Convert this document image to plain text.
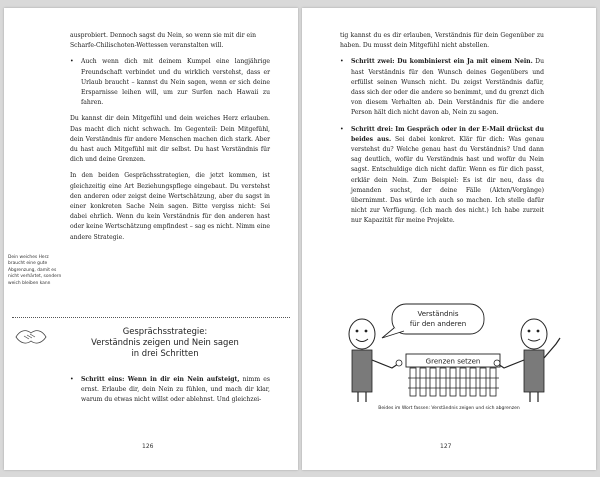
ausprobiert. Dennoch sagst du Nein, so wenn sie mit dir ein
Scharfe-Chilischoten-Wettessen veranstalten will.

• Auch wenn dich mit deinem Kumpel eine langjährige Freundschaft verbindet und du wirklich verstehst, dass er Urlaub braucht – kannst du Nein sagen, wenn er sich deine Ersparnisse leihen will, um zur Surfen nach Hawaii zu fahren.

Du kannst dir dein Mitgefühl und dein weiches Herz erlauben. Das macht dich nicht schwach. Im Gegenteil: Dein Mitgefühl, dein Verständnis für andere Menschen machen dich stark. Aber du hast auch Mitgefühl mit dir selbst. Du hast Verständnis für dich und deine Grenzen.

In den beiden Gesprächsstrategien, die jetzt kommen, ist gleichzeitig eine Art Beziehungspflege eingebaut. Du verstehst den anderen oder zeigst deine Wertschätzung, aber du sagst in einer konkreten Sache Nein sagen. Bitte vergiss nicht: Sei dabei ehrlich. Wenn du kein Verständnis für den anderen hast oder keine Wertschätzung empfindest – sag es nicht. Nimm eine andere Strategie.

Dein weiches Herz braucht eine gute Abgrenzung, damit es nicht verhärtet, sondern weich bleiben kann
Gesprächsstrategie:
Verständnis zeigen und Nein sagen
in drei Schritten
• Schritt eins: Wenn in dir ein Nein aufsteigt, nimm es ernst. Erlaube dir, dein Nein zu fühlen, und mach dir klar, warum du etwas nicht willst oder ablehnst. Und gleichzei-
126

tig kannst du es dir erlauben, Verständnis für dein Gegenüber zu haben. Du musst dein Mitgefühl nicht abstellen.

• Schritt zwei: Du kombinierst ein Ja mit einem Nein. Du hast Verständnis für den Wunsch deines Gegenübers und erfüllst seinen Wunsch nicht. Du zeigst Verständnis dafür, dass sich der oder die andere so benimmt, und du grenzt dich von diesem Verhalten ab. Dein Verständnis für die andere Person hält dich nicht davon ab, Nein zu sagen.
• Schritt drei: Im Gespräch oder in der E-Mail drückst du beides aus. Sei dabei konkret. Klär für dich: Was genau verstehst du? Welche genau hast du Verständnis? Und dann sag deutlich, wofür du Verständnis hast und wofür du Nein sagst. Entschuldige dich nicht dafür. Wenn es für dich passt, erklär dein Nein. Zum Beispiel: Es ist dir neu, dass du jemanden suchst, der deine Fälle (Akten/Vorgänge) übernimmt. Das würde ich auch so machen. Ich stelle dafür nicht zur Verfügung. (Ich mach des nicht.) Ich habe zurzeit nur Kapazität für meine Projekte.
Verständnis
für den anderen
Grenzen setzen
Beides im Wort fassen: Verständnis zeigen und sich abgrenzen
127
